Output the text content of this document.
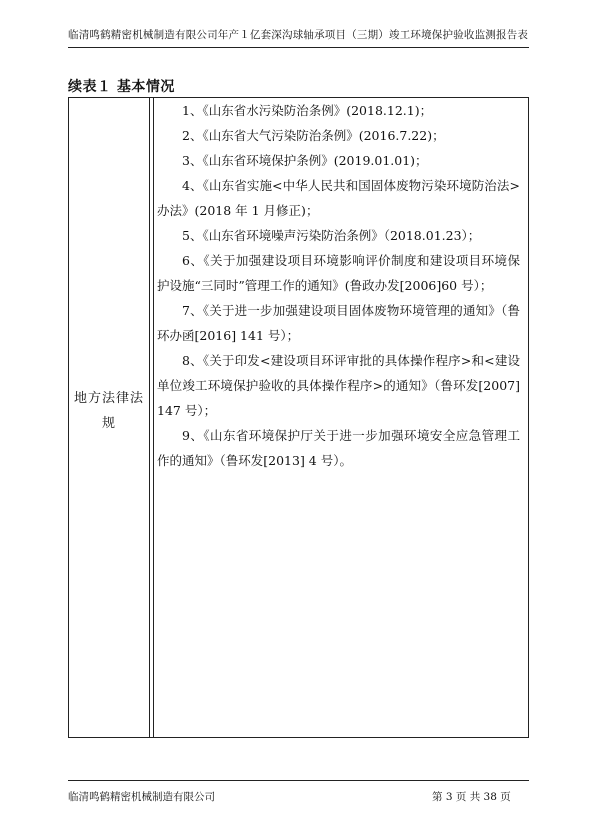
临清鸣鹤精密机械制造有限公司年产１亿套深沟球轴承项目（三期）竣工环境保护验收监测报告表
续表１ 基本情况
地方法律法
规

1、《山东省水污染防治条例》(2018.12.1)；

2、《山东省大气污染防治条例》(2016.7.22)；

3、《山东省环境保护条例》(2019.01.01)；

4、《山东省实施<中华人民共和国固体废物污染环境防治法>办法》(2018 年 1 月修正)；

5、《山东省环境噪声污染防治条例》（2018.01.23）；

6、《关于加强建设项目环境影响评价制度和建设项目环境保护设施“三同时”管理工作的通知》(鲁政办发[2006]60 号）；

7、《关于进一步加强建设项目固体废物环境管理的通知》（鲁环办函[2016] 141 号）；

8、《关于印发<建设项目环评审批的具体操作程序>和<建设单位竣工环境保护验收的具体操作程序>的通知》（鲁环发[2007] 147 号）；

9、《山东省环境保护厅关于进一步加强环境安全应急管理工作的通知》（鲁环发[2013] 4 号）。

临清鸣鹤精密机械制造有限公司	第 3 页 共 38 页
